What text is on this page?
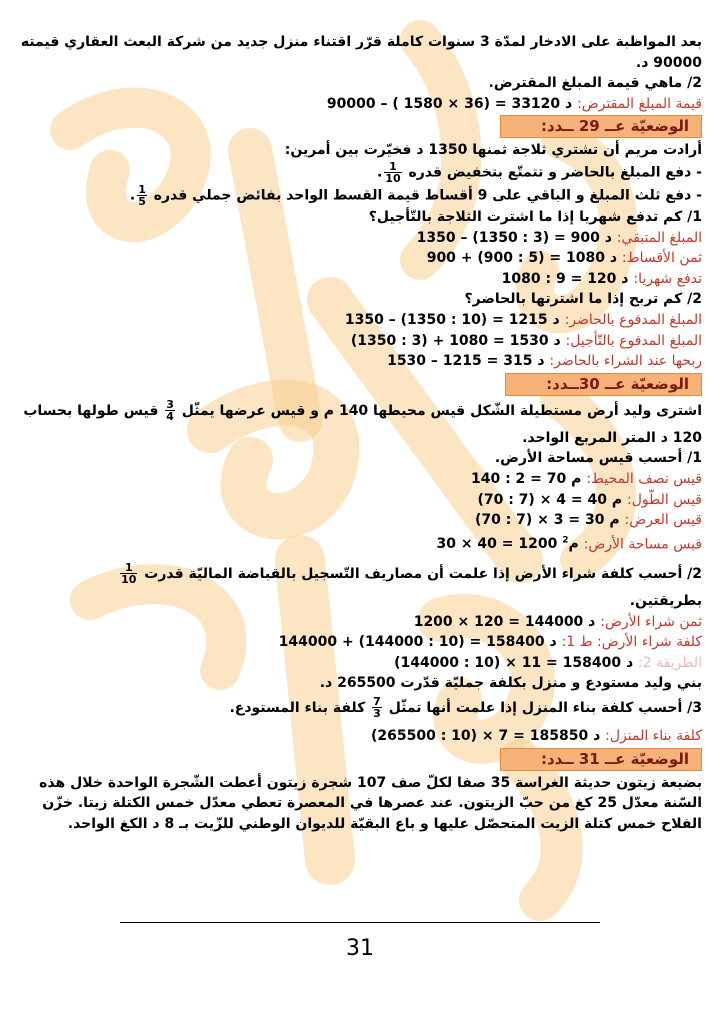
بعد المواظبة على الادخار لمدّة 3 سنوات كاملة قرّر اقتناء منزل جديد من شركة البعث العقاري قيمته
90000 د.
2/ ماهي قيمة المبلغ المقترض.
قيمة المبلغ المقترض: 90000 – ( 1580 × 36) = 33120 د
الوضعيّة عــ 29 ــدد:
أرادت مريم أن تشتري ثلاجة ثمنها 1350 د فخيّرت بين أمرين:
- دفع المبلغ بالحاضر و تتمتّع بتخفيض قدره
$\frac{1}{10}$
.
- دفع ثلث المبلغ و الباقي على 9 أقساط قيمة القسط الواحد بفائض جملي قدره
$\frac{1}{5}$
.
1/ كم تدفع شهريا إذا ما اشترت الثلاجة بالتّأجيل؟
المبلغ المتبقي: 1350 – (1350 : 3) = 900 د
ثمن الأقساط: 900 + (900 : 5) = 1080 د
تدفع شهريا: 1080 : 9 = 120 د
2/ كم تربح إذا ما اشترتها بالحاضر؟
المبلغ المدفوع بالحاضر: 1350 – (1350 : 10) = 1215 د
المبلغ المدفوع بالتّأجيل: (1350 : 3) + 1080 = 1530 د
ربحها عند الشراء بالحاضر: 1530 – 1215 = 315 د
الوضعيّة عــ 30ــدد:
اشترى وليد أرض مستطيلة الشّكل قيس محيطها 140 م و قيس عرضها يمثّل
$\frac{3}{4}$
قيس طولها بحساب
120 د المتر المربع الواحد.
1/ أحسب قيس مساحة الأرض.
قيس نصف المحيط: 140 : 2 = 70 م
قيس الطّول: (70 : 7) × 4 = 40 م
قيس العرض: (70 : 7) × 3 = 30 م
قيس مساحة الأرض: 30 × 40 = 1200 م$^2$
2/ أحسب كلفة شراء الأرض إذا علمت أن مصاريف التّسجيل بالقباضة الماليّة قدرت
$\frac{1}{10}$
بطريقتين.
ثمن شراء الأرض: 1200 × 120 = 144000 د
كلفة شراء الأرض: ط 1: 144000 + (144000 : 10) = 158400 د
الطريقة 2: (144000 : 10) × 11 = 158400 د
بني وليد مستودع و منزل بكلفة جمليّة قدّرت 265500 د.
3/ أحسب كلفة بناء المنزل إذا علمت أنها تمثّل
$\frac{7}{3}$
كلفة بناء المستودع.
كلفة بناء المنزل: (265500 : 10) × 7 = 185850 د
الوضعيّة عــ 31 ــدد:
بضيعة زيتون حديثة الغراسة 35 صفا لكلّ صف 107 شجرة زيتون أعطت الشّجرة الواحدة خلال هذه
السّنة معدّل 25 كغ من حبّ الزيتون. عند عصرها في المعصرة تعطي معدّل خمس الكتلة زيتا. خزّن
الفلاح خمس كتلة الزيت المتحصّل عليها و باع البقيّة للديوان الوطني للزّيت بـ 8 د الكغ الواحد.
31
